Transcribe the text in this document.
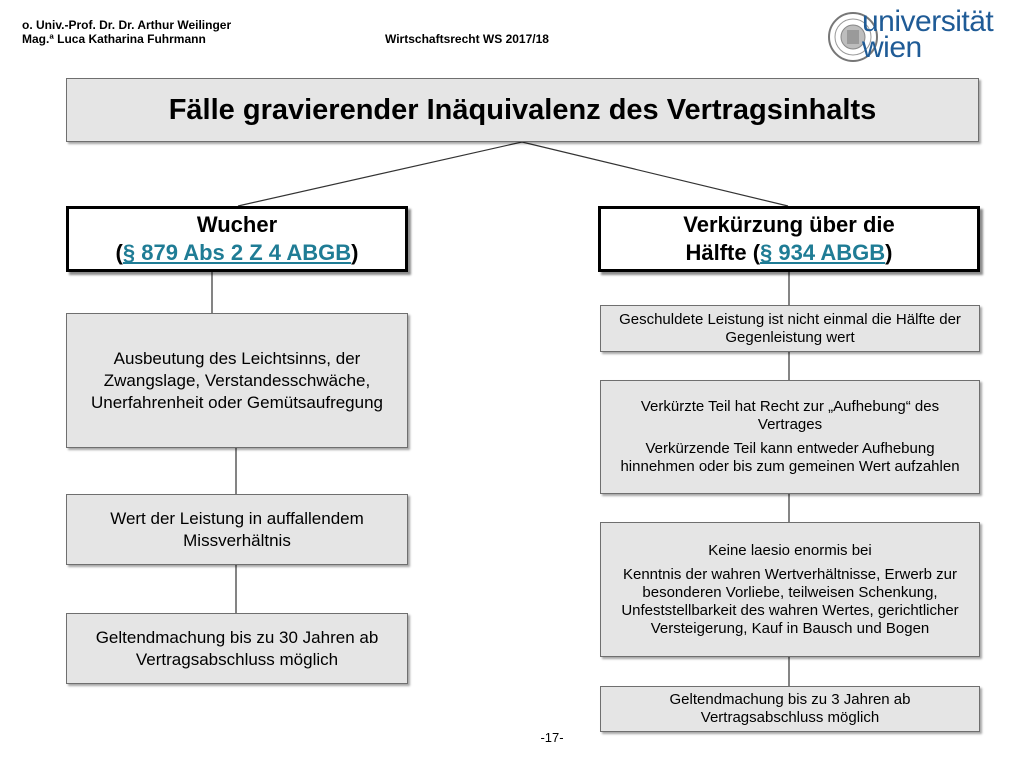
o. Univ.-Prof. Dr. Dr. Arthur Weilinger
Mag.ª Luca Katharina Fuhrmann	Wirtschaftsrecht WS 2017/18
universität
wien
Fälle gravierender Inäquivalenz des Vertragsinhalts
Wucher
(§ 879 Abs 2 Z 4 ABGB)
Verkürzung über die
Hälfte (§ 934 ABGB)
Ausbeutung des Leichtsinns, der Zwangslage, Verstandesschwäche, Unerfahrenheit oder Gemütsaufregung
Wert der Leistung in auffallendem Missverhältnis
Geltendmachung bis zu 30 Jahren ab Vertragsabschluss möglich

Geschuldete Leistung ist nicht einmal die Hälfte der Gegenleistung wert

Verkürzte Teil hat Recht zur „Aufhebung“ des Vertrages

Verkürzende Teil kann entweder Aufhebung hinnehmen oder bis zum gemeinen Wert aufzahlen

Keine laesio enormis bei

Kenntnis der wahren Wertverhältnisse, Erwerb zur besonderen Vorliebe, teilweisen Schenkung, Unfeststellbarkeit des wahren Wertes, gerichtlicher Versteigerung, Kauf in Bausch und Bogen

Geltendmachung bis zu 3 Jahren ab Vertragsabschluss möglich

-17-
